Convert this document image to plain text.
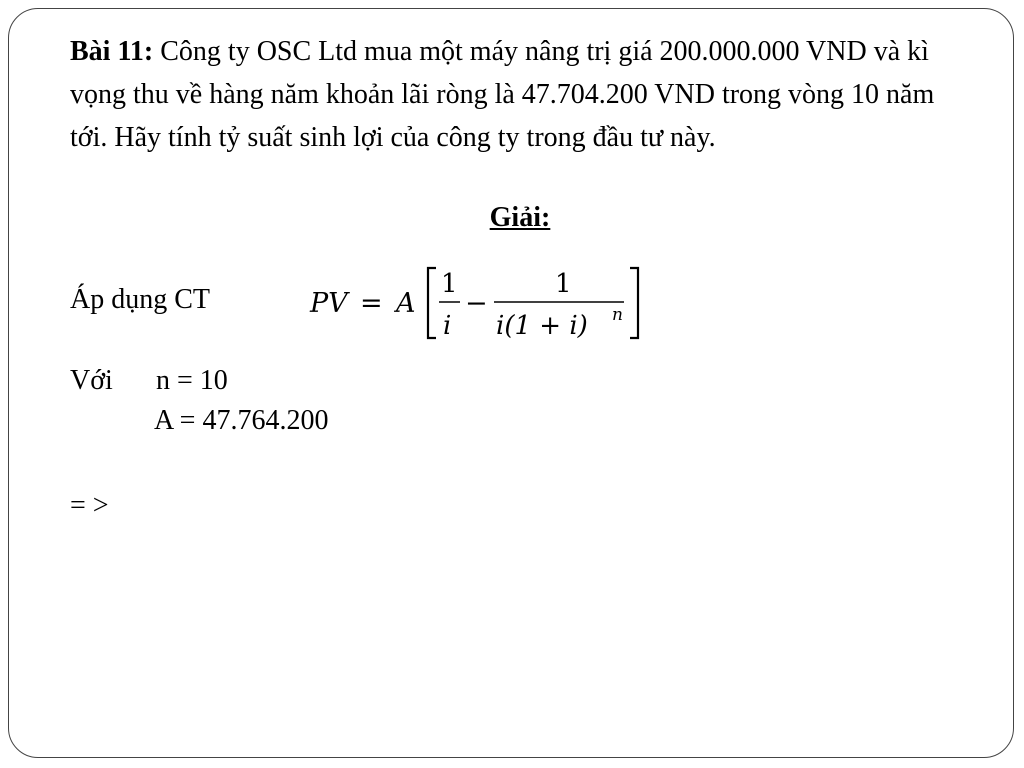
Bài 11: Công ty OSC Ltd mua một máy nâng trị giá 200.000.000 VND và kì vọng thu về hàng năm khoản lãi ròng là 47.704.200 VND trong vòng 10 năm tới. Hãy tính tỷ suất sinh lợi của công ty trong đầu tư này.

Giải:
Áp dụng CT	PV = A
1
i
−
1
i(1 + i) n
Với n = 10
A = 47.764.200
= >
